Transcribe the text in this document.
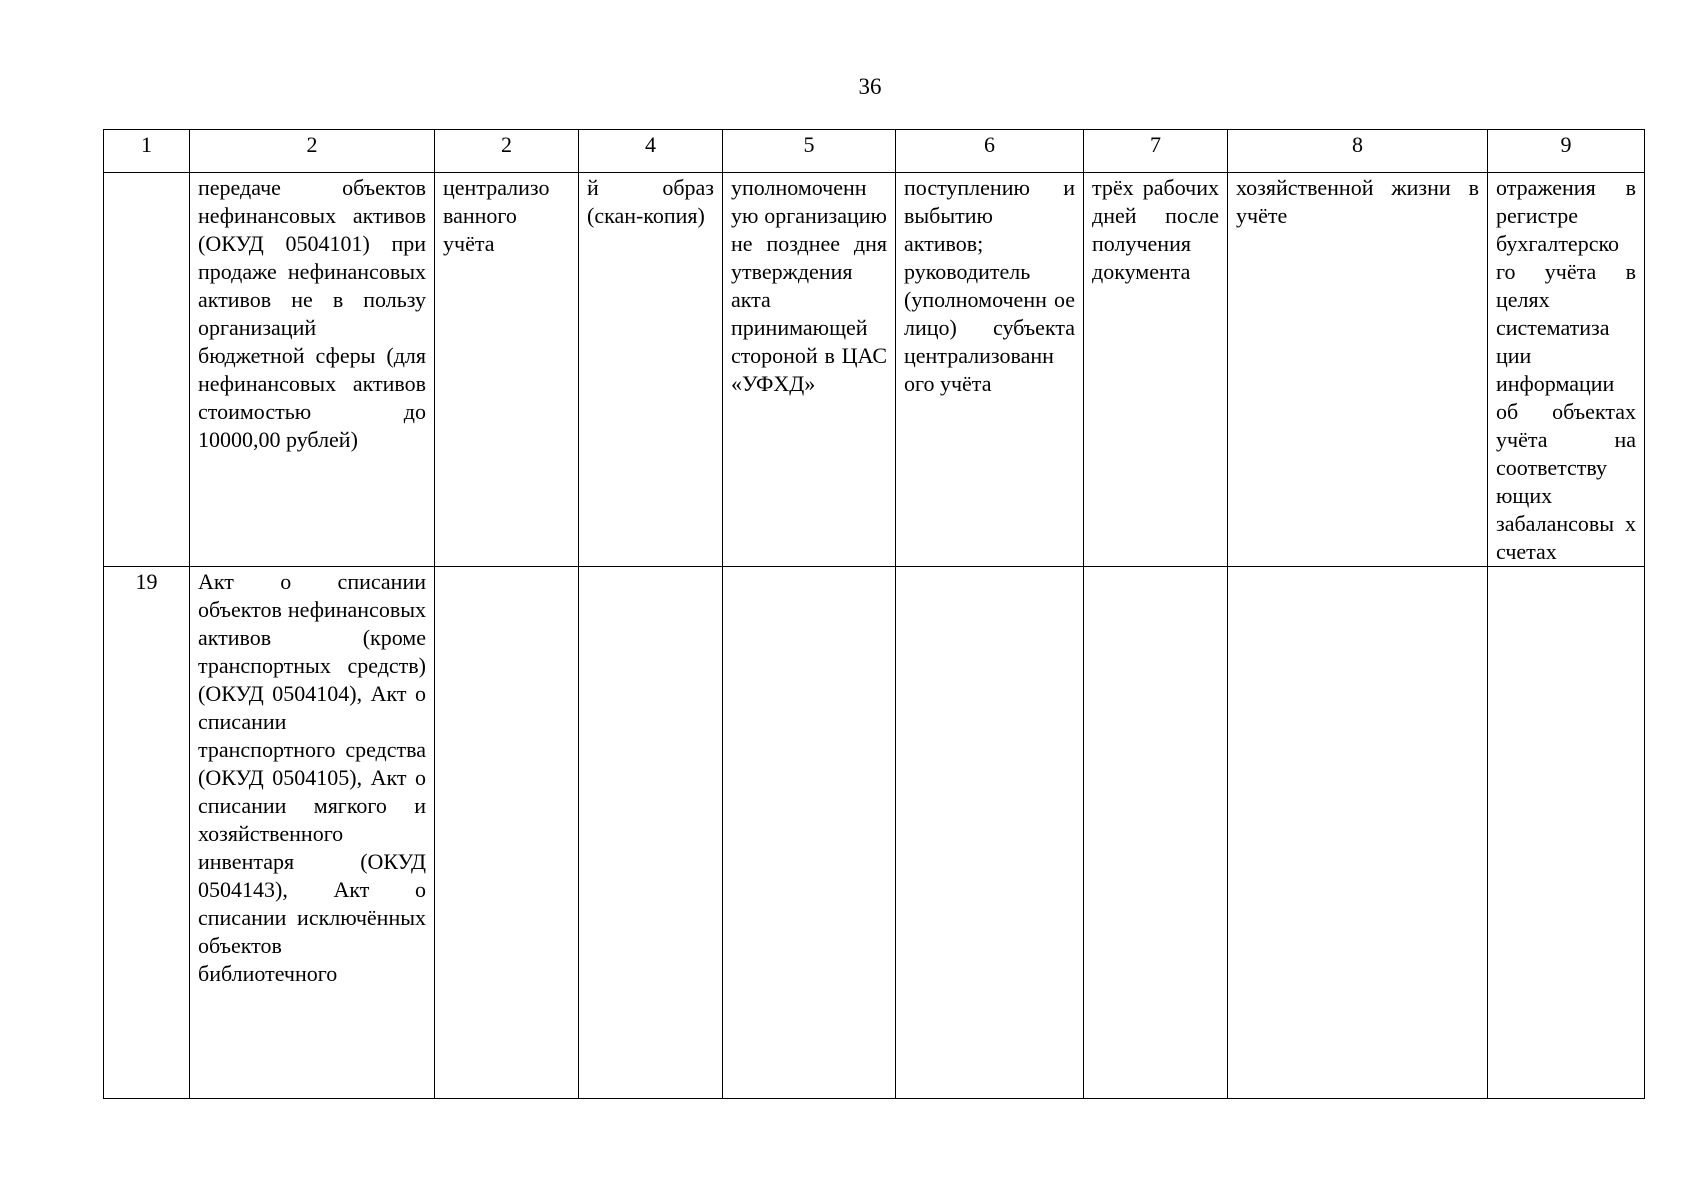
36
1	2	2	4	5	6	7	8	9
	передаче объектов нефинансовых активов (ОКУД 0504101) при продаже нефинансовых активов не в пользу организаций бюджетной сферы (для нефинансовых активов стоимостью до 10000,00 рублей)	централизо ванного учёта	й образ (скан-копия)	уполномоченн ую организацию не позднее дня утверждения акта принимающей стороной в ЦАС «УФХД»	поступлению и выбытию активов; руководитель (уполномоченн ое лицо) субъекта централизованн ого учёта	трёх рабочих дней после получения документа	хозяйственной жизни в учёте	отражения в регистре бухгалтерско го учёта в целях систематиза ции информации об объектах учёта на соответству ющих забалансовы х счетах
19	Акт о списании объектов нефинансовых активов (кроме транспортных средств) (ОКУД 0504104), Акт о списании транспортного средства (ОКУД 0504105), Акт о списании мягкого и хозяйственного инвентаря (ОКУД 0504143), Акт о списании исключённых объектов библиотечного							
